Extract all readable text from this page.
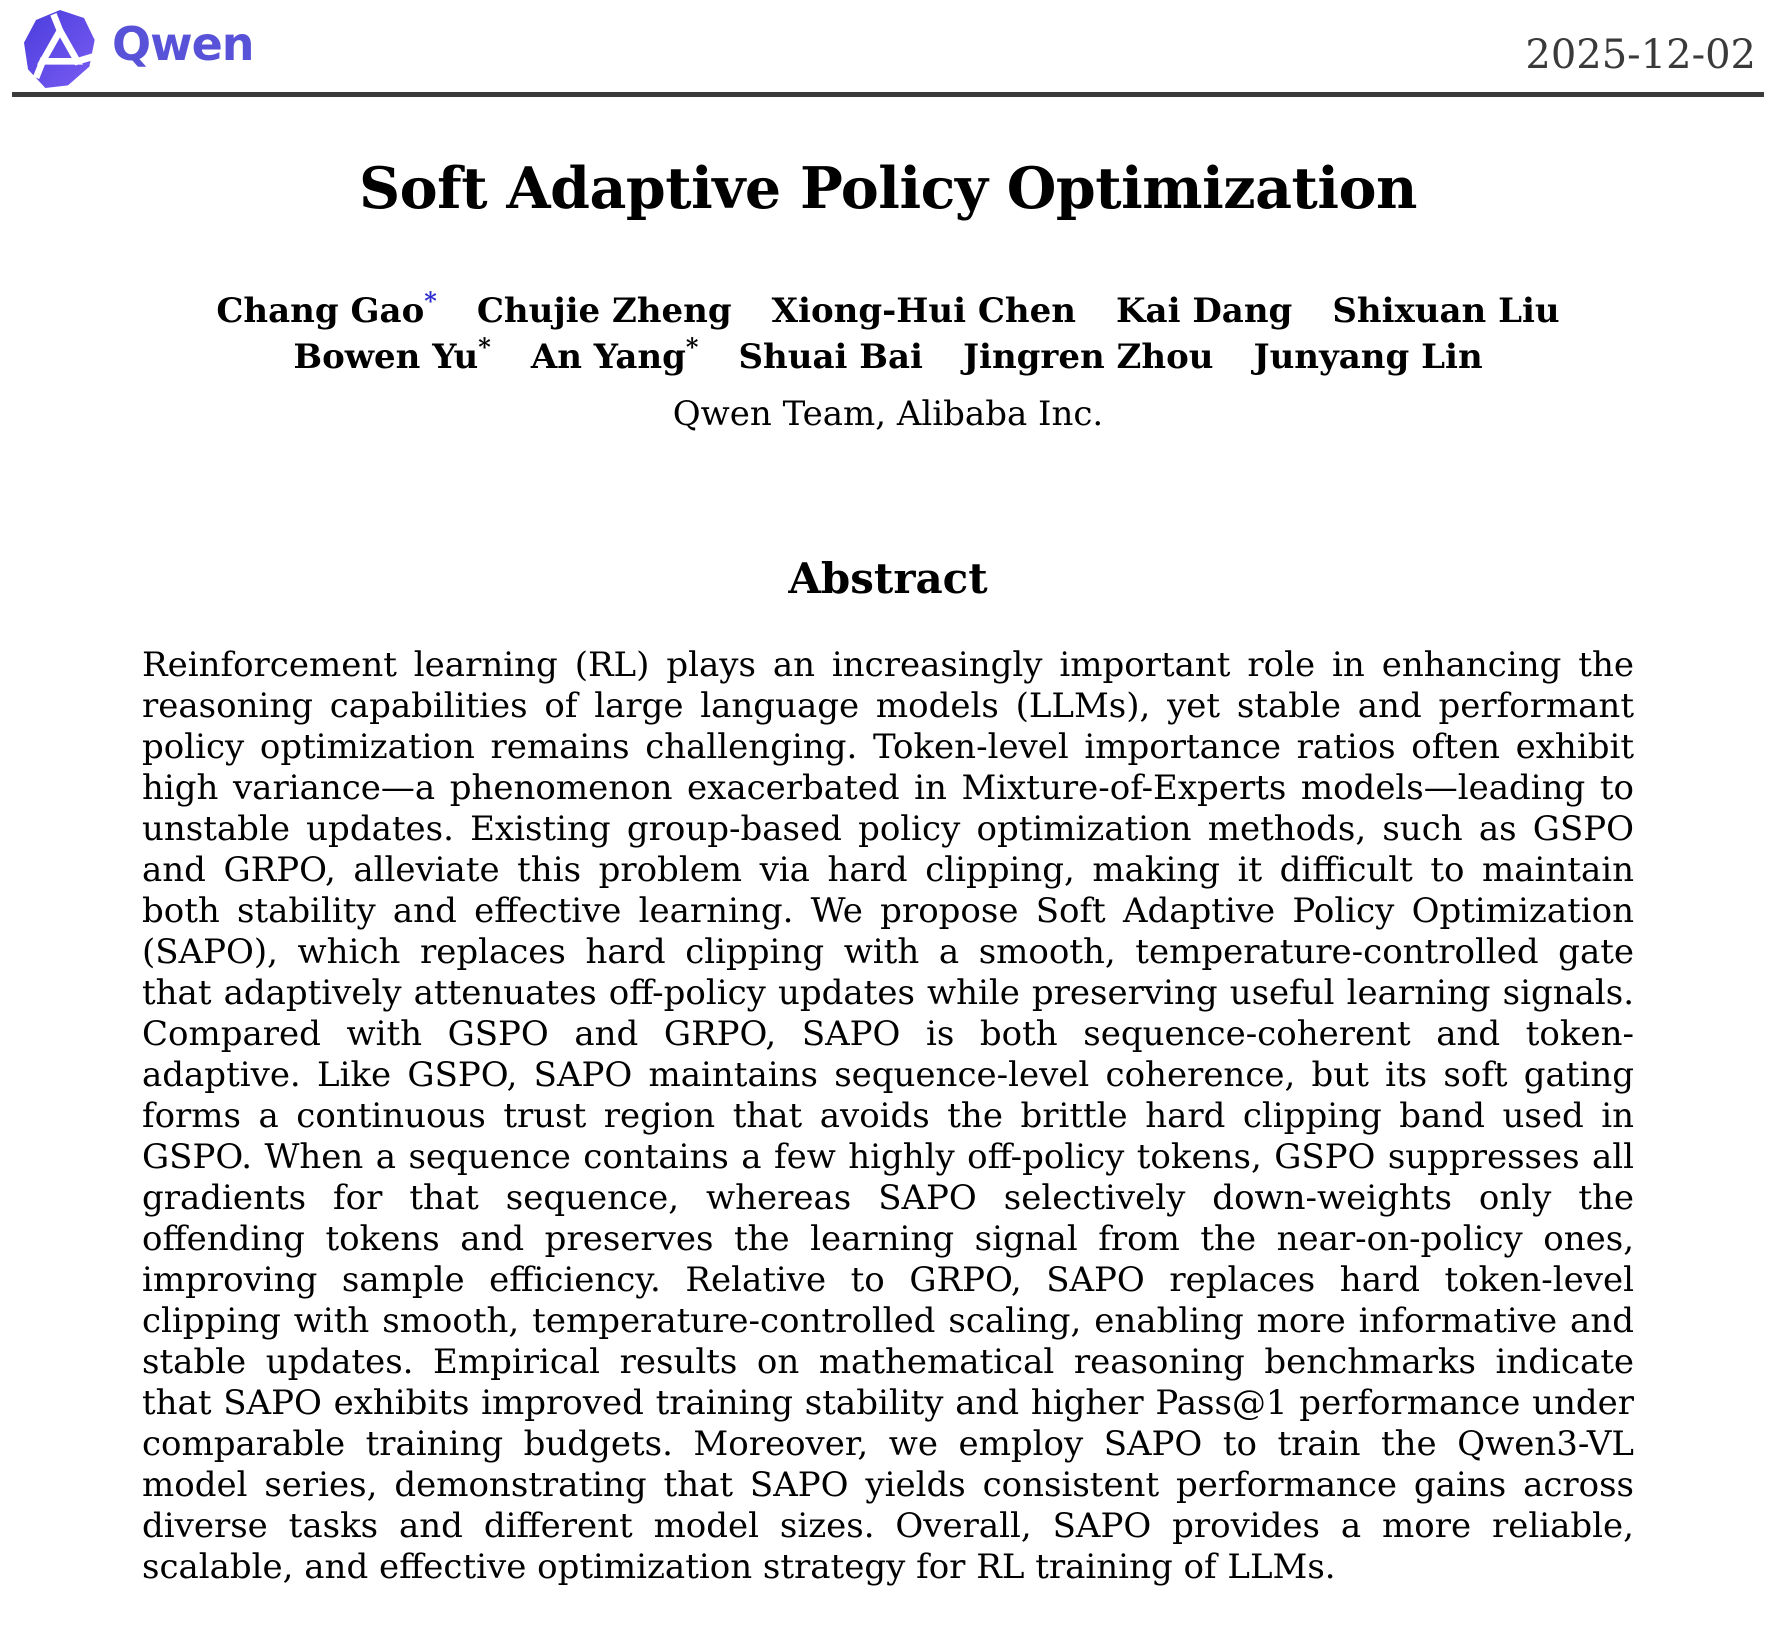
Qwen	2025-12-02
Soft Adaptive Policy Optimization
Chang Gao* Chujie Zheng Xiong-Hui Chen Kai Dang Shixuan Liu
Bowen Yu* An Yang* Shuai Bai Jingren Zhou Junyang Lin
Qwen Team, Alibaba Inc.
Abstract
Reinforcement learning (RL) plays an increasingly important role in enhancing the reasoning capabilities of large language models (LLMs), yet stable and performant policy optimization remains challenging. Token-level importance ratios often exhibit high variance—a phenomenon exacerbated in Mixture-of-Experts models—leading to unstable updates. Existing group-based policy optimization methods, such as GSPO and GRPO, alleviate this problem via hard clipping, making it difficult to maintain both stability and effective learning. We propose Soft Adaptive Policy Optimization (SAPO), which replaces hard clipping with a smooth, temperature-controlled gate that adaptively attenuates off-policy updates while preserving useful learning signals. Compared with GSPO and GRPO, SAPO is both sequence-coherent and token-adaptive. Like GSPO, SAPO maintains sequence-level coherence, but its soft gating forms a continuous trust region that avoids the brittle hard clipping band used in GSPO. When a sequence contains a few highly off-policy tokens, GSPO suppresses all gradients for that sequence, whereas SAPO selectively down-weights only the offending tokens and preserves the learning signal from the near-on-policy ones, improving sample efficiency. Relative to GRPO, SAPO replaces hard token-level clipping with smooth, temperature-controlled scaling, enabling more informative and stable updates. Empirical results on mathematical reasoning benchmarks indicate that SAPO exhibits improved training stability and higher Pass@1 performance under comparable training budgets. Moreover, we employ SAPO to train the Qwen3-VL model series, demonstrating that SAPO yields consistent performance gains across diverse tasks and different model sizes. Overall, SAPO provides a more reliable, scalable, and effective optimization strategy for RL training of LLMs.
